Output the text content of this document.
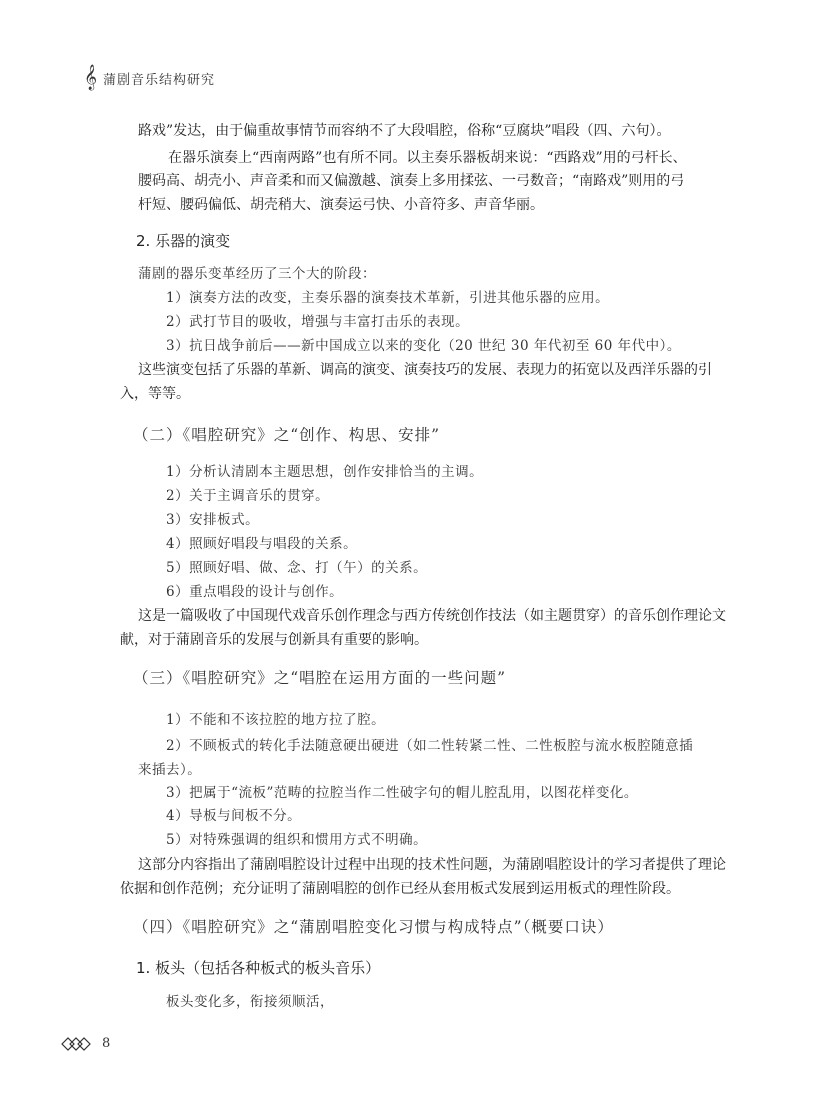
𝄞 蒲剧音乐结构研究
路戏”发达，由于偏重故事情节而容纳不了大段唱腔，俗称“豆腐块”唱段（四、六句）。
在器乐演奏上“西南两路”也有所不同。以主奏乐器板胡来说：“西路戏”用的弓杆长、
腰码高、胡壳小、声音柔和而又偏激越、演奏上多用揉弦、一弓数音；“南路戏”则用的弓
杆短、腰码偏低、胡壳稍大、演奏运弓快、小音符多、声音华丽。
2. 乐器的演变
蒲剧的器乐变革经历了三个大的阶段：
1）演奏方法的改变，主奏乐器的演奏技术革新，引进其他乐器的应用。
2）武打节目的吸收，增强与丰富打击乐的表现。
3）抗日战争前后——新中国成立以来的变化（20 世纪 30 年代初至 60 年代中）。
这些演变包括了乐器的革新、调高的演变、演奏技巧的发展、表现力的拓宽以及西洋乐器的引
入，等等。
（二）《唱腔研究》之“创作、构思、安排”
1）分析认清剧本主题思想，创作安排恰当的主调。
2）关于主调音乐的贯穿。
3）安排板式。
4）照顾好唱段与唱段的关系。
5）照顾好唱、做、念、打（午）的关系。
6）重点唱段的设计与创作。
这是一篇吸收了中国现代戏音乐创作理念与西方传统创作技法（如主题贯穿）的音乐创作理论文
献，对于蒲剧音乐的发展与创新具有重要的影响。
（三）《唱腔研究》之“唱腔在运用方面的一些问题”
1）不能和不该拉腔的地方拉了腔。
2）不顾板式的转化手法随意硬出硬进（如二性转紧二性、二性板腔与流水板腔随意插
来插去）。
3）把属于“流板”范畴的拉腔当作二性破字句的帽儿腔乱用，以图花样变化。
4）导板与间板不分。
5）对特殊强调的组织和惯用方式不明确。
这部分内容指出了蒲剧唱腔设计过程中出现的技术性问题，为蒲剧唱腔设计的学习者提供了理论
依据和创作范例；充分证明了蒲剧唱腔的创作已经从套用板式发展到运用板式的理性阶段。
（四）《唱腔研究》之“蒲剧唱腔变化习惯与构成特点”（概要口诀）
1. 板头（包括各种板式的板头音乐）
板头变化多，衔接须顺活，
8
